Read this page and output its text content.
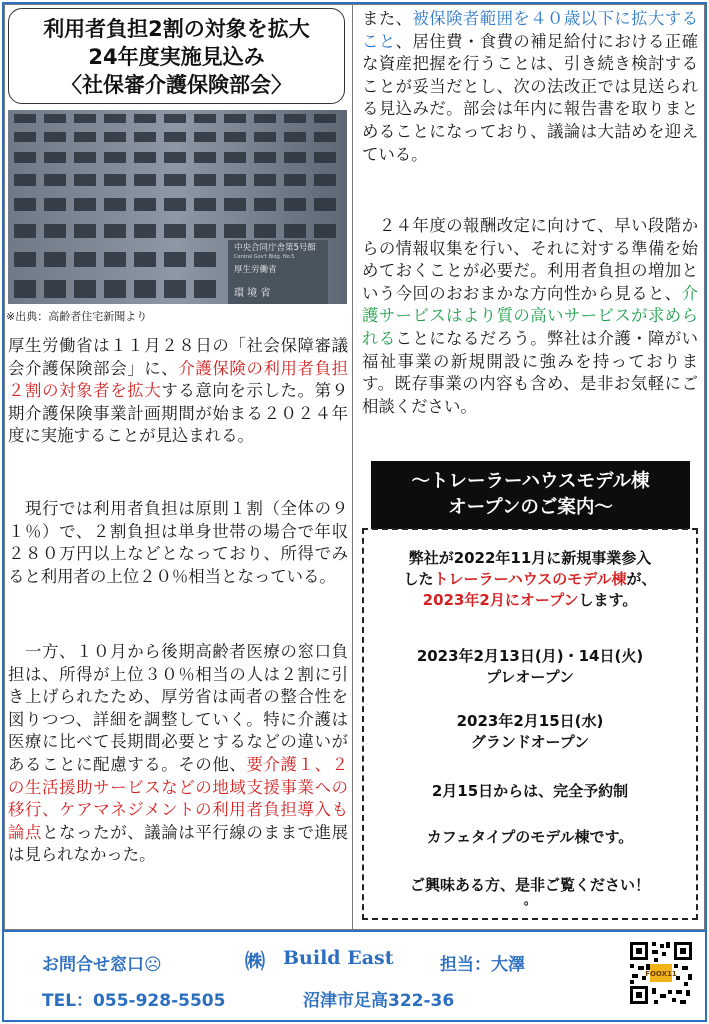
利用者負担2割の対象を拡大
24年度実施見込み
〈社保審介護保険部会〉
中央合同庁舎第5号館
Central Gov't Bldg. No.5
厚生労働省
環 境 省
※出典：高齢者住宅新聞より
厚生労働省は１１月２８日の「社会保障審議会介護保険部会」に、介護保険の利用者負担２割の対象者を拡大する意向を示した。第９期介護保険事業計画期間が始まる２０２４年度に実施することが見込まれる。
　現行では利用者負担は原則１割（全体の９１％）で、２割負担は単身世帯の場合で年収２８０万円以上などとなっており、所得でみると利用者の上位２０％相当となっている。
　一方、１０月から後期高齢者医療の窓口負担は、所得が上位３０％相当の人は２割に引き上げられたため、厚労省は両者の整合性を図りつつ、詳細を調整していく。特に介護は医療に比べて長期間必要とするなどの違いがあることに配慮する。その他、要介護１、２の生活援助サービスなどの地域支援事業への移行、ケアマネジメントの利用者負担導入も論点となったが、議論は平行線のままで進展は見られなかった。
また、被保険者範囲を４０歳以下に拡大すること、居住費・食費の補足給付における正確な資産把握を行うことは、引き続き検討することが妥当だとし、次の法改正では見送られる見込みだ。部会は年内に報告書を取りまとめることになっており、議論は大詰めを迎えている。
　２４年度の報酬改定に向けて、早い段階からの情報収集を行い、それに対する準備を始めておくことが必要だ。利用者負担の増加という今回のおおまかな方向性から見ると、介護サービスはより質の高いサービスが求められることになるだろう。弊社は介護・障がい福祉事業の新規開設に強みを持っております。既存事業の内容も含め、是非お気軽にご相談ください。
～トレーラーハウスモデル棟
オープンのご案内～
弊社が2022年11月に新規事業参入
したトレーラーハウスのモデル棟が、
2023年2月にオープンします。
2023年2月13日(月)・14日(火)
プレオープン
2023年2月15日(水)
グランドオープン
2月15日からは、完全予約制
カフェタイプのモデル棟です。
ご興味ある方、是非ご覧ください！
。
お問合せ窓口☹	㈱ Build East	担当：大澤
TEL：055-928-5505	沼津市足高322-36
FOOX11
